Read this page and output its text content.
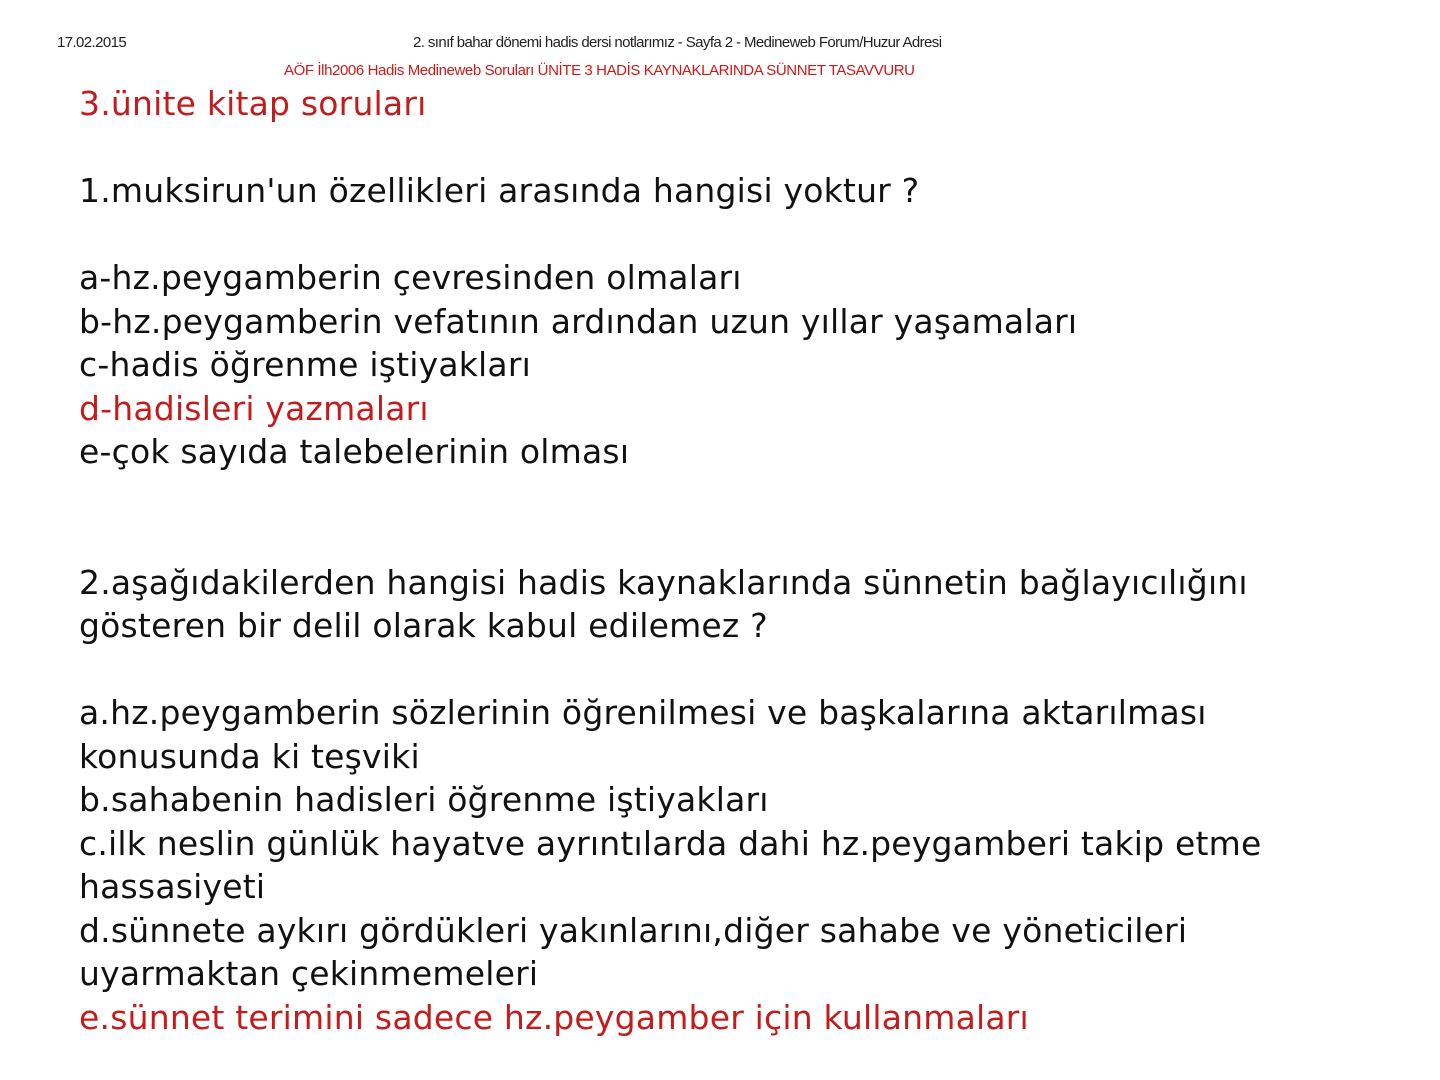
17.02.2015	2. sınıf bahar dönemi hadis dersi notlarımız - Sayfa 2 - Medineweb Forum/Huzur Adresi
AÖF İlh2006 Hadis Medineweb Soruları ÜNİTE 3 HADİS KAYNAKLARINDA SÜNNET TASAVVURU
3.ünite kitap soruları
1.muksirun'un özellikleri arasında hangisi yoktur ?
a-hz.peygamberin çevresinden olmaları
b-hz.peygamberin vefatının ardından uzun yıllar yaşamaları
c-hadis öğrenme iştiyakları
d-hadisleri yazmaları
e-çok sayıda talebelerinin olması
2.aşağıdakilerden hangisi hadis kaynaklarında sünnetin bağlayıcılığını
gösteren bir delil olarak kabul edilemez ?
a.hz.peygamberin sözlerinin öğrenilmesi ve başkalarına aktarılması
konusunda ki teşviki
b.sahabenin hadisleri öğrenme iştiyakları
c.ilk neslin günlük hayatve ayrıntılarda dahi hz.peygamberi takip etme
hassasiyeti
d.sünnete aykırı gördükleri yakınlarını,diğer sahabe ve yöneticileri
uyarmaktan çekinmemeleri
e.sünnet terimini sadece hz.peygamber için kullanmaları
